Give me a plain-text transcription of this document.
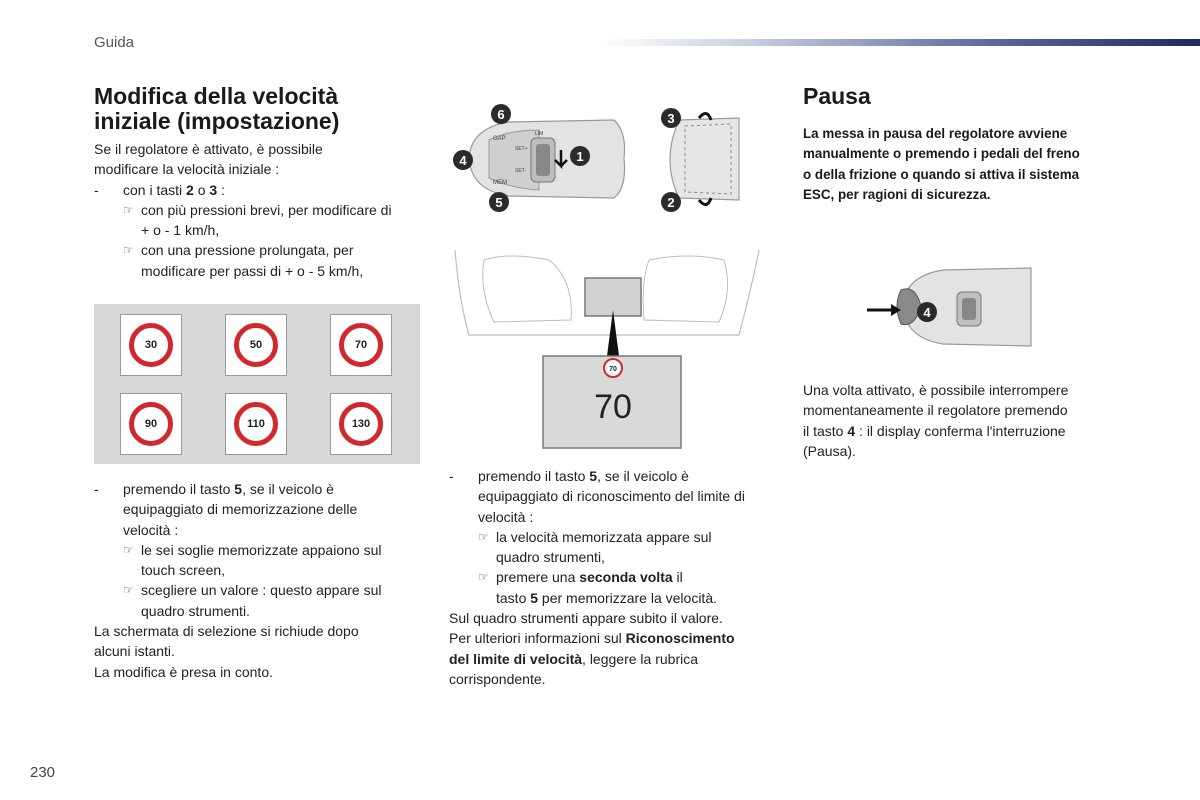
Guida
Modifica della velocità
iniziale (impostazione)

Se il regolatore è attivato, è possibile

modificare la velocità iniziale :

- con i tasti 2 o 3 :

☞ con più pressioni brevi, per modificare di

+ o - 1 km/h,

☞ con una pressione prolungata, per

modificare per passi di + o - 5 km/h,

30	50	70
90	110	130

- premendo il tasto 5, se il veicolo è

equipaggiato di memorizzazione delle

velocità :

☞ le sei soglie memorizzate appaiono sul

touch screen,

☞ scegliere un valore : questo appare sul

quadro strumenti.

La schermata di selezione si richiude dopo

alcuni istanti.

La modifica è presa in conto.

1
GAP
MEM
LIM
SET+
SET-
6
4
5
3
2
70
70

- premendo il tasto 5, se il veicolo è

equipaggiato di riconoscimento del limite di

velocità :

☞ la velocità memorizzata appare sul

quadro strumenti,

☞ premere una seconda volta il

tasto 5 per memorizzare la velocità.

Sul quadro strumenti appare subito il valore.

Per ulteriori informazioni sul Riconoscimento

del limite di velocità, leggere la rubrica

corrispondente.

Pausa

La messa in pausa del regolatore avviene

manualmente o premendo i pedali del freno

o della frizione o quando si attiva il sistema

ESC, per ragioni di sicurezza.

4

Una volta attivato, è possibile interrompere

momentaneamente il regolatore premendo

il tasto 4 : il display conferma l'interruzione

(Pausa).

230
